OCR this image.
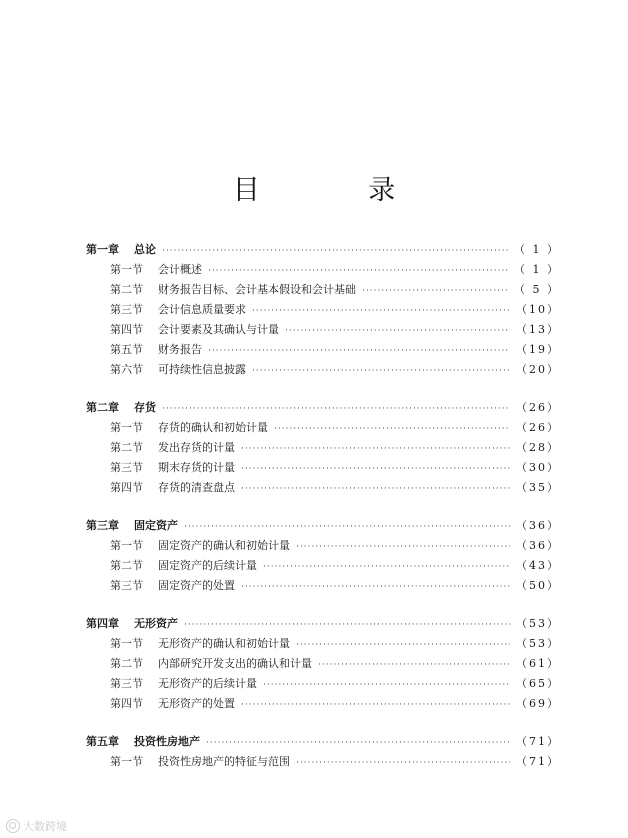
目 录
第一章	总论 ·····	（ 1 ）
第一节	会计概述 ·····	（ 1 ）
第二节	财务报告目标、会计基本假设和会计基础 ·····	（ 5 ）
第三节	会计信息质量要求 ·····	（10）
第四节	会计要素及其确认与计量 ·····	（13）
第五节	财务报告 ·····	（19）
第六节	可持续性信息披露 ·····	（20）
第二章	存货 ·····	（26）
第一节	存货的确认和初始计量 ·····	（26）
第二节	发出存货的计量 ·····	（28）
第三节	期末存货的计量 ·····	（30）
第四节	存货的清查盘点 ·····	（35）
第三章	固定资产 ·····	（36）
第一节	固定资产的确认和初始计量 ·····	（36）
第二节	固定资产的后续计量 ·····	（43）
第三节	固定资产的处置 ·····	（50）
第四章	无形资产 ·····	（53）
第一节	无形资产的确认和初始计量 ·····	（53）
第二节	内部研究开发支出的确认和计量 ·····	（61）
第三节	无形资产的后续计量 ·····	（65）
第四节	无形资产的处置 ·····	（69）
第五章	投资性房地产 ·····	（71）
第一节	投资性房地产的特征与范围 ·····	（71）
大数跨境
